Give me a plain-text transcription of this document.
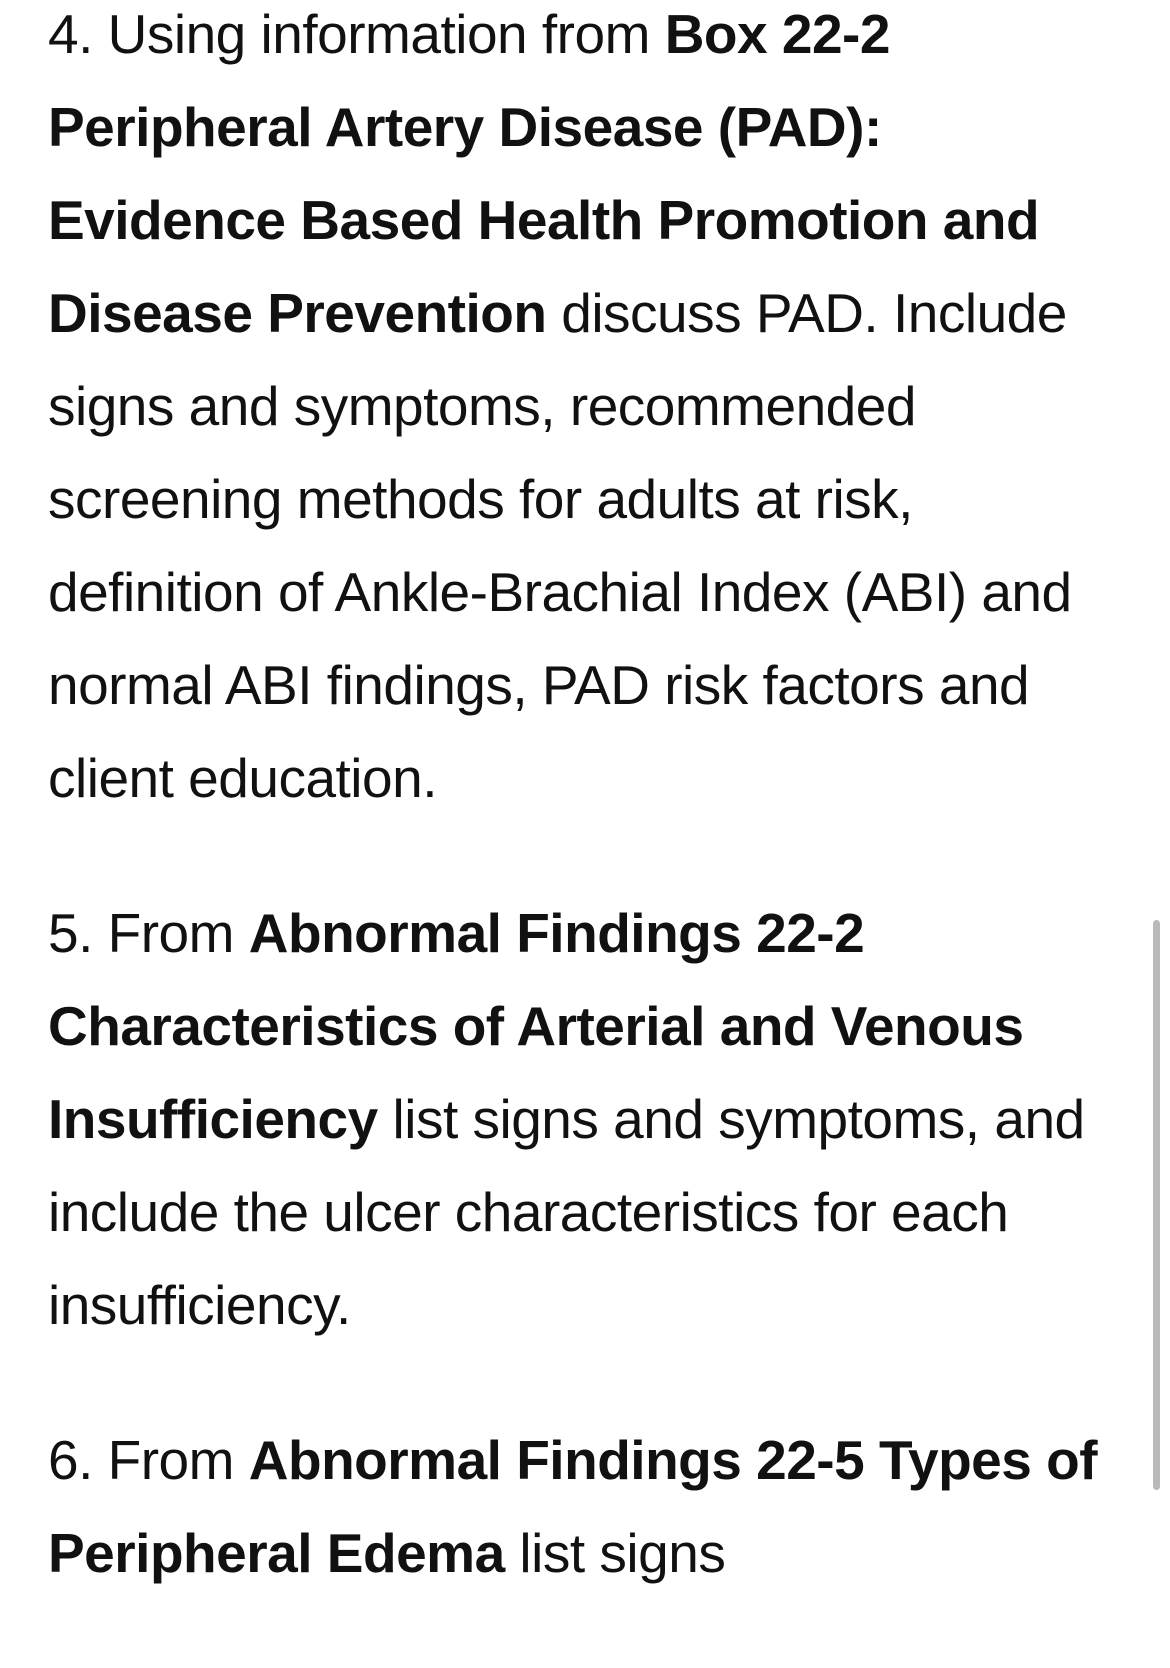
4. Using information from Box 22-2 Peripheral Artery Disease (PAD): Evidence Based Health Promotion and Disease Prevention discuss PAD. Include signs and symptoms, recommended screening methods for adults at risk, definition of Ankle-Brachial Index (ABI) and normal ABI findings, PAD risk factors and client education.

5. From Abnormal Findings 22-2 Characteristics of Arterial and Venous Insufficiency list signs and symptoms, and include the ulcer characteristics for each insufficiency.

6. From Abnormal Findings 22-5 Types of Peripheral Edema list signs
